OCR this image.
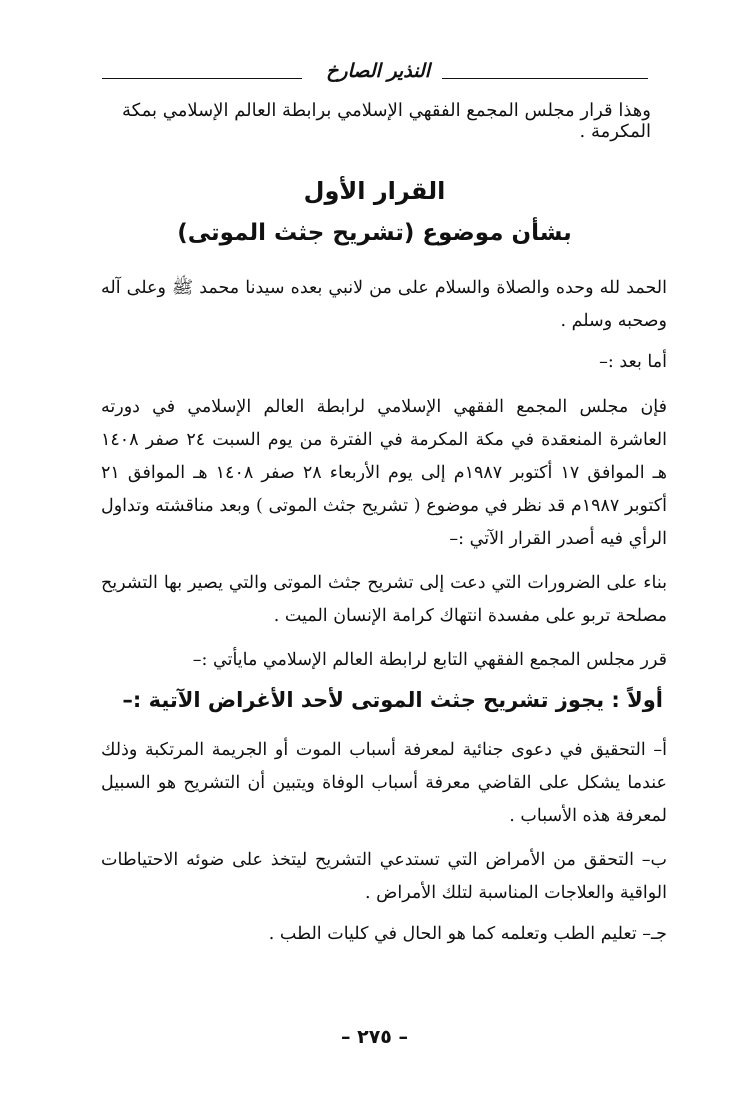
النذير الصارخ
وهذا قرار مجلس المجمع الفقهي الإسلامي برابطة العالم الإسلامي بمكة المكرمة .
القرار الأول
بشأن موضوع (تشريح جثث الموتى)
الحمد لله وحده والصلاة والسلام على من لانبي بعده سيدنا محمد ﷺ وعلى آله وصحبه وسلم .
أما بعد :–
فإن مجلس المجمع الفقهي الإسلامي لرابطة العالم الإسلامي في دورته العاشرة المنعقدة في مكة المكرمة في الفترة من يوم السبت ٢٤ صفر ١٤٠٨ هـ الموافق ١٧ أكتوبر ١٩٨٧م إلى يوم الأربعاء ٢٨ صفر ١٤٠٨ هـ الموافق ٢١ أكتوبر ١٩٨٧م قد نظر في موضوع ( تشريح جثث الموتى ) وبعد مناقشته وتداول الرأي فيه أصدر القرار الآتي :–
بناء على الضرورات التي دعت إلى تشريح جثث الموتى والتي يصير بها التشريح مصلحة تربو على مفسدة انتهاك كرامة الإنسان الميت .
قرر مجلس المجمع الفقهي التابع لرابطة العالم الإسلامي مايأتي :–
أولاً : يجوز تشريح جثث الموتى لأحد الأغراض الآتية :–
أ– التحقيق في دعوى جنائية لمعرفة أسباب الموت أو الجريمة المرتكبة وذلك عندما يشكل على القاضي معرفة أسباب الوفاة ويتبين أن التشريح هو السبيل لمعرفة هذه الأسباب .
ب– التحقق من الأمراض التي تستدعي التشريح ليتخذ على ضوئه الاحتياطات الواقية والعلاجات المناسبة لتلك الأمراض .
جـ– تعليم الطب وتعلمه كما هو الحال في كليات الطب .
– ٢٧٥ –
